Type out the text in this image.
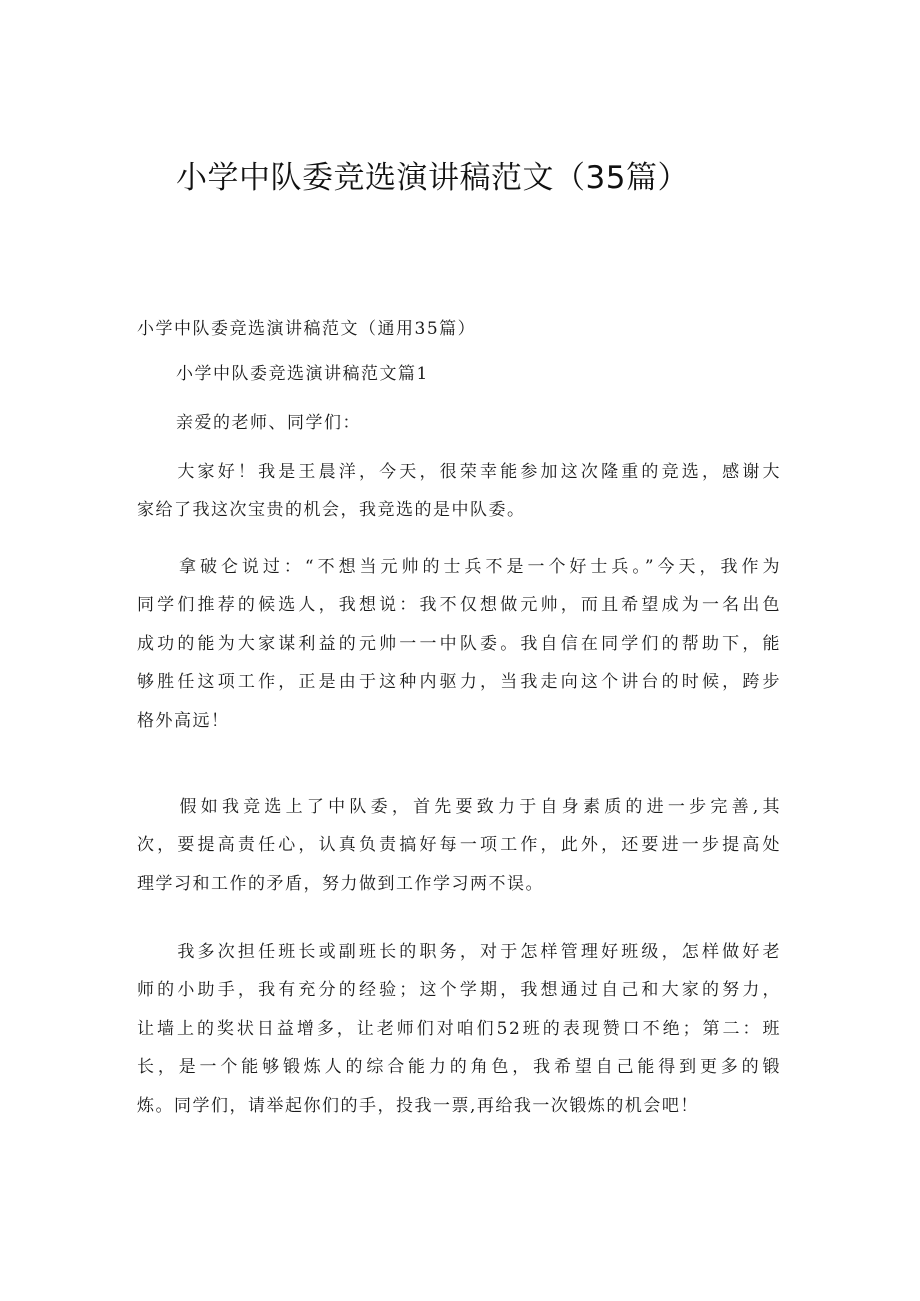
小学中队委竞选演讲稿范文（35篇）

小学中队委竞选演讲稿范文（通用35篇）

小学中队委竞选演讲稿范文篇1

亲爱的老师、同学们：

　　大家好！我是王晨洋，今天，很荣幸能参加这次隆重的竞选，感谢大
家给了我这次宝贵的机会，我竞选的是中队委。
　　拿破仑说过：“不想当元帅的士兵不是一个好士兵。”今天，我作为
同学们推荐的候选人，我想说：我不仅想做元帅，而且希望成为一名出色
成功的能为大家谋利益的元帅一一中队委。我自信在同学们的帮助下，能
够胜任这项工作，正是由于这种内驱力，当我走向这个讲台的时候，跨步
格外高远！
　　假如我竞选上了中队委，首先要致力于自身素质的进一步完善,其
次，要提高责任心，认真负责搞好每一项工作，此外，还要进一步提高处
理学习和工作的矛盾，努力做到工作学习两不误。
　　我多次担任班长或副班长的职务，对于怎样管理好班级，怎样做好老
师的小助手，我有充分的经验；这个学期，我想通过自己和大家的努力，
让墙上的奖状日益增多，让老师们对咱们52班的表现赞口不绝；第二：班
长，是一个能够锻炼人的综合能力的角色，我希望自己能得到更多的锻
炼。同学们，请举起你们的手，投我一票,再给我一次锻炼的机会吧！
